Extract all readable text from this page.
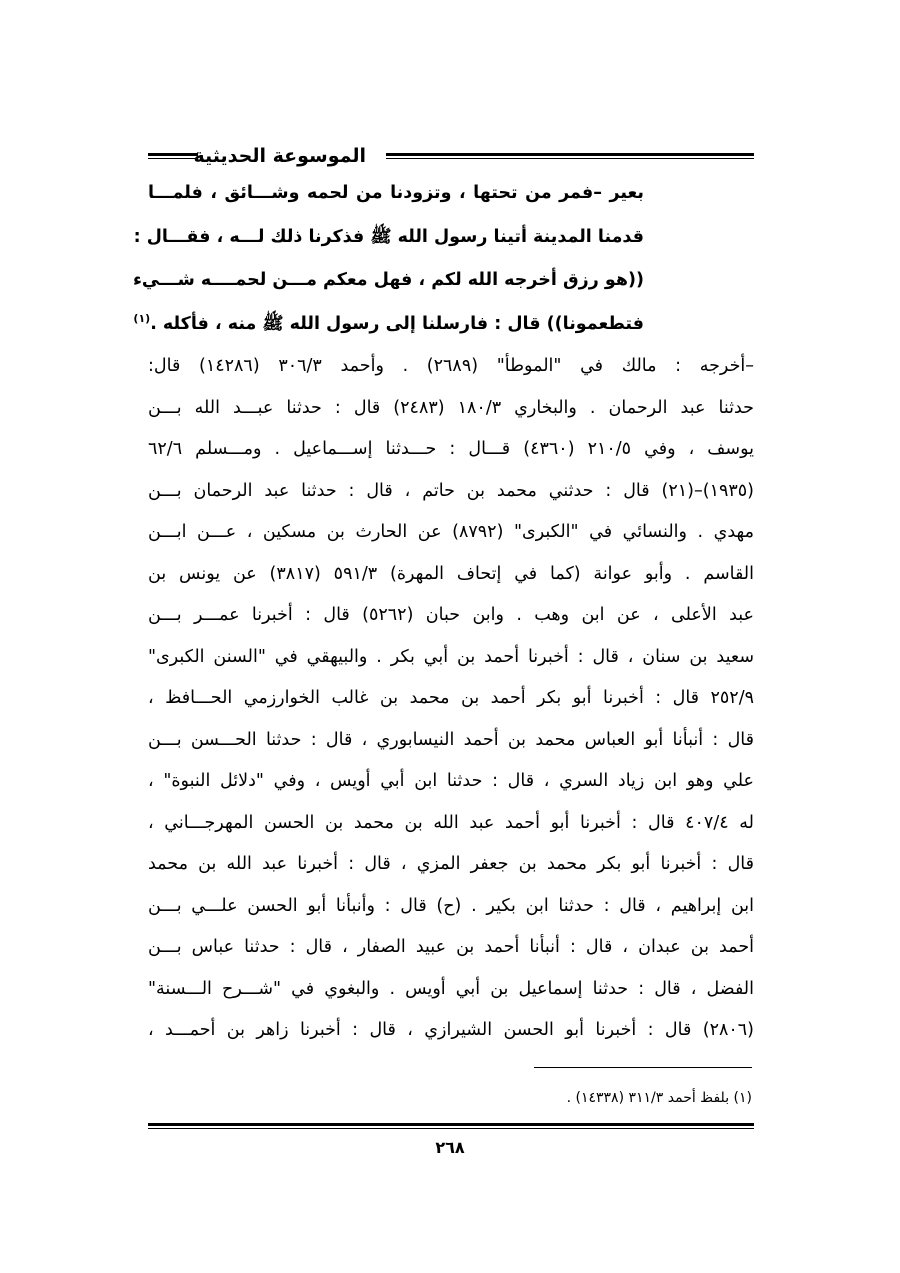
الموسوعة الحديثية
بعير –فمر من تحتها ، وتزودنا من لحمه وشـــائق ، فلمـــا
قدمنا المدينة أتينا رسول الله ﷺ فذكرنا ذلك لـــه ، فقـــال :
((هو رزق أخرجه الله لكم ، فهل معكم مـــن لحمــــه شـــيء
فتطعمونا)) قال : فارسلنا إلى رسول الله ﷺ منه ، فأكله .$^{(١)}$
–أخرجه : مالك في "الموطأ" (٢٦٨٩) . وأحمد ٣٠٦/٣ (١٤٢٨٦) قال:
حدثنا عبد الرحمان . والبخاري ١٨٠/٣ (٢٤٨٣) قال : حدثنا عبـــد الله بـــن
يوسف ، وفي ٢١٠/٥ (٤٣٦٠) قـــال : حـــدثنا إســـماعيل . ومـــسلم ٦٢/٦
(١٩٣٥)–(٢١) قال : حدثني محمد بن حاتم ، قال : حدثنا عبد الرحمان بـــن
مهدي . والنسائي في "الكبرى" (٨٧٩٢) عن الحارث بن مسكين ، عـــن ابـــن
القاسم . وأبو عوانة (كما في إتحاف المهرة) ٥٩١/٣ (٣٨١٧) عن يونس بن
عبد الأعلى ، عن ابن وهب . وابن حبان (٥٢٦٢) قال : أخبرنا عمـــر بـــن
سعيد بن سنان ، قال : أخبرنا أحمد بن أبي بكر . والبيهقي في "السنن الكبرى"
٢٥٢/٩ قال : أخبرنا أبو بكر أحمد بن محمد بن غالب الخوارزمي الحـــافظ ،
قال : أنبأنا أبو العباس محمد بن أحمد النيسابوري ، قال : حدثنا الحـــسن بـــن
علي وهو ابن زياد السري ، قال : حدثنا ابن أبي أويس ، وفي "دلائل النبوة" ،
له ٤٠٧/٤ قال : أخبرنا أبو أحمد عبد الله بن محمد بن الحسن المهرجـــاني ،
قال : أخبرنا أبو بكر محمد بن جعفر المزي ، قال : أخبرنا عبد الله بن محمد
ابن إبراهيم ، قال : حدثنا ابن بكير . (ح) قال : وأنبأنا أبو الحسن علـــي بـــن
أحمد بن عبدان ، قال : أنبأنا أحمد بن عبيد الصفار ، قال : حدثنا عباس بـــن
الفضل ، قال : حدثنا إسماعيل بن أبي أويس . والبغوي في "شـــرح الـــسنة"
(٢٨٠٦) قال : أخبرنا أبو الحسن الشيرازي ، قال : أخبرنا زاهر بن أحمـــد ،
(١) بلفظ أحمد ٣١١/٣ (١٤٣٣٨) .
٢٦٨
